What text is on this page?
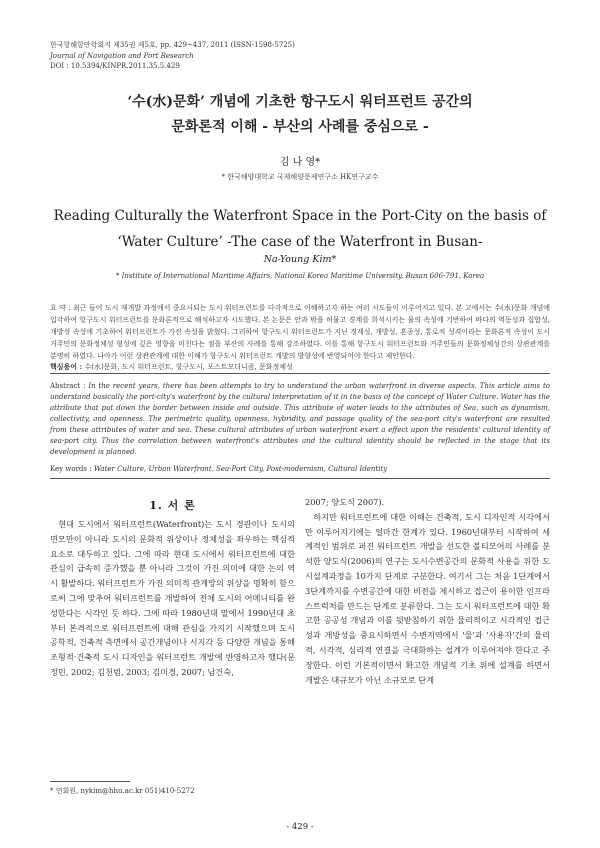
한국항해항만학회지 제35권 제5호, pp. 429~437, 2011 (ISSN-1598-5725)
Journal of Navigation and Port Research
DOI : 10.5394/KINPR.2011.35.5.429
‘수(水)문화’ 개념에 기초한 항구도시 워터프런트 공간의
문화론적 이해 - 부산의 사례를 중심으로 -
김 나 영*
* 한국해양대학교 국제해양문제연구소 HK연구교수
Reading Culturally the Waterfront Space in the Port-City on the basis of
‘Water Culture’ -The case of the Waterfront in Busan-
Na-Young Kim*
* Institute of International Maritime Affairs, National Korea Maritime University, Busan 606-791, Korea
요 약 : 최근 들어 도시 재개발 과정에서 중요시되는 도시 워터프런트를 다각적으로 이해하고자 하는 여러 시도들이 이루어지고 있다. 본 고에서는 수(水)문화 개념에 입각하여 항구도시 워터프런트를 문화론적으로 해석하고자 시도했다. 본 논문은 안과 밖을 허물고 경계를 희석시키는 물의 속성에 기반하여 바다의 역동성과 집합성, 개방성 속성에 기초하여 워터프런트가 가진 속성을 밝혔다. 그리하여 항구도시 워터프런트가 지닌 경계성, 개방성, 혼종성, 통로적 성격이라는 문화론적 속성이 도시 거주민의 문화정체성 형성에 깊은 영향을 미친다는 점을 부산의 사례를 통해 강조하였다. 이를 통해 항구도시 워터프런트와 거주민들의 문화정체성간의 상관관계를 분명히 하였다. 나아가 이런 상관관계에 대한 이해가 항구도시 워터프런트 개발의 방향성에 반영되어야 한다고 제안한다.
핵심용어 : 수(水)문화, 도시 워터프런트, 항구도시, 포스트모더니즘, 문화정체성
Abstract : In the recent years, there has been attempts to try to understand the urban waterfront in diverse aspects. This article aims to understand basically the port-city's waterfront by the cultural interpretation of it in the basis of the concept of Water Culture. Water has the attribute that put down the border between inside and outside. This attribute of water leads to the attributes of Sea, such as dynamism, collectivity, and openness. The perimetric quality, openness, hybridity, and passage quality of the sea-port city's waterfront are resulted from these attributes of water and sea. These cultural attributes of urban waterfront exert a effect upon the residents' cultural identity of sea-port city. Thus the correlation between waterfront's attributes and the cultural identity should be reflected in the stage that its development is planned.
Key words : Water Culture, Urban Waterfront, Sea-Port City, Post-modernism, Cultural Identity
1. 서 론

현대 도시에서 워터프런트(Waterfront)는 도시 경관이나 도시의 면모만이 아니라 도시의 문화적 위상이나 정체성을 좌우하는 핵심적 요소로 대두하고 있다. 그에 따라 현대 도시에서 워터프런트에 대한 관심이 급속히 증가했을 뿐 아니라 그것이 가진 의미에 대한 논의 역시 활발하다. 워터프런트가 가진 의미적 관계망의 위상을 명확히 함으로써 그에 맞추어 워터프런트를 개발하여 전체 도시의 어메니티를 완성한다는 시각인 듯 하다. 그에 따라 1980년대 말에서 1990년대 초부터 본격적으로 워터프런트에 대해 관심을 가지기 시작했으며 도시공학적, 건축적 측면에서 공간개념이나 시지각 등 다양한 개념을 통해 조형적·건축적 도시 디자인을 워터프런트 개발에 반영하고자 했다(문정민, 2002; 김천범, 2003; 김미경, 2007; 남건숙,

2007; 양도식 2007).

하지만 워터프런트에 대한 이해는 건축적, 도시 디자인적 시각에서만 이루어지기에는 얼마간 한계가 있다. 1960년대부터 시작하여 세계적인 범위로 퍼진 워터프런트 개발을 선도한 볼티모어의 사례를 분석한 양도식(2006)의 연구는 도시수변공간의 문화적 사용을 위한 도시설계과정을 10가지 단계로 구분한다. 여기서 그는 처음 1단계에서 3단계까지를 수변공간에 대한 비전을 제시하고 접근이 용이한 인프라스트럭처를 만드는 단계로 분류한다. 그는 도시 워터프런트에 대한 확고한 공공성 개념과 이를 뒷받침하기 위한 물리적이고 시각적인 접근성과 개방성을 중요시하면서 수변지역에서 '물'과 '사용자'간의 물리적, 시각적, 심리적 연결을 극대화하는 설계가 이루어져야 한다고 주장한다. 이런 기본적이면서 확고한 개념적 기초 위에 설계를 하면서 개발은 대규모가 아닌 소규모로 단계

* 연회원, nykim@hhu.ac.kr 051)410-5272
- 429 -
